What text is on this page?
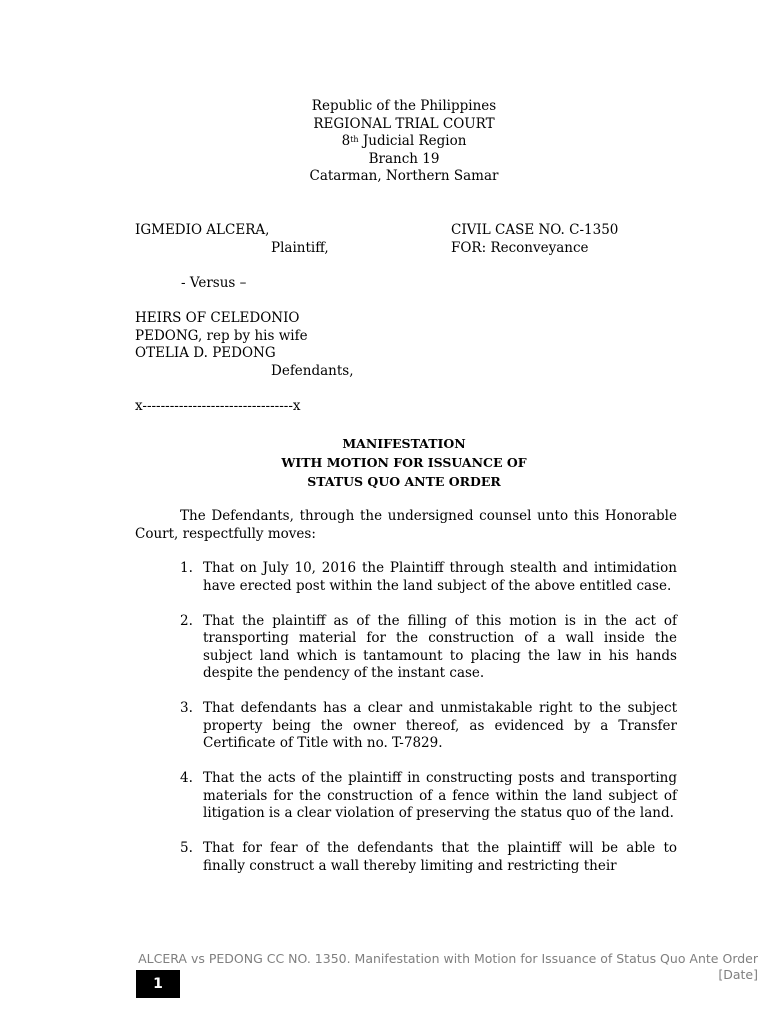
Republic of the Philippines
REGIONAL TRIAL COURT
8th Judicial Region
Branch 19
Catarman, Northern Samar
IGMEDIO ALCERA,
Plaintiff,
CIVIL CASE NO. C-1350
FOR: Reconveyance
- Versus –
HEIRS OF CELEDONIO
PEDONG, rep by his wife
OTELIA D. PEDONG
Defendants,
x---------------------------------x
MANIFESTATION
WITH MOTION FOR ISSUANCE OF
STATUS QUO ANTE ORDER
The Defendants, through the undersigned counsel unto this Honorable Court, respectfully moves:
1. That on July 10, 2016 the Plaintiff through stealth and intimidation have erected post within the land subject of the above entitled case.
2. That the plaintiff as of the filling of this motion is in the act of transporting material for the construction of a wall inside the subject land which is tantamount to placing the law in his hands despite the pendency of the instant case.
3. That defendants has a clear and unmistakable right to the subject property being the owner thereof, as evidenced by a Transfer Certificate of Title with no. T-7829.
4. That the acts of the plaintiff in constructing posts and transporting materials for the construction of a fence within the land subject of litigation is a clear violation of preserving the status quo of the land.
5. That for fear of the defendants that the plaintiff will be able to finally construct a wall thereby limiting and restricting their
ALCERA vs PEDONG CC NO. 1350. Manifestation with Motion for Issuance of Status Quo Ante Order
[Date]
1
